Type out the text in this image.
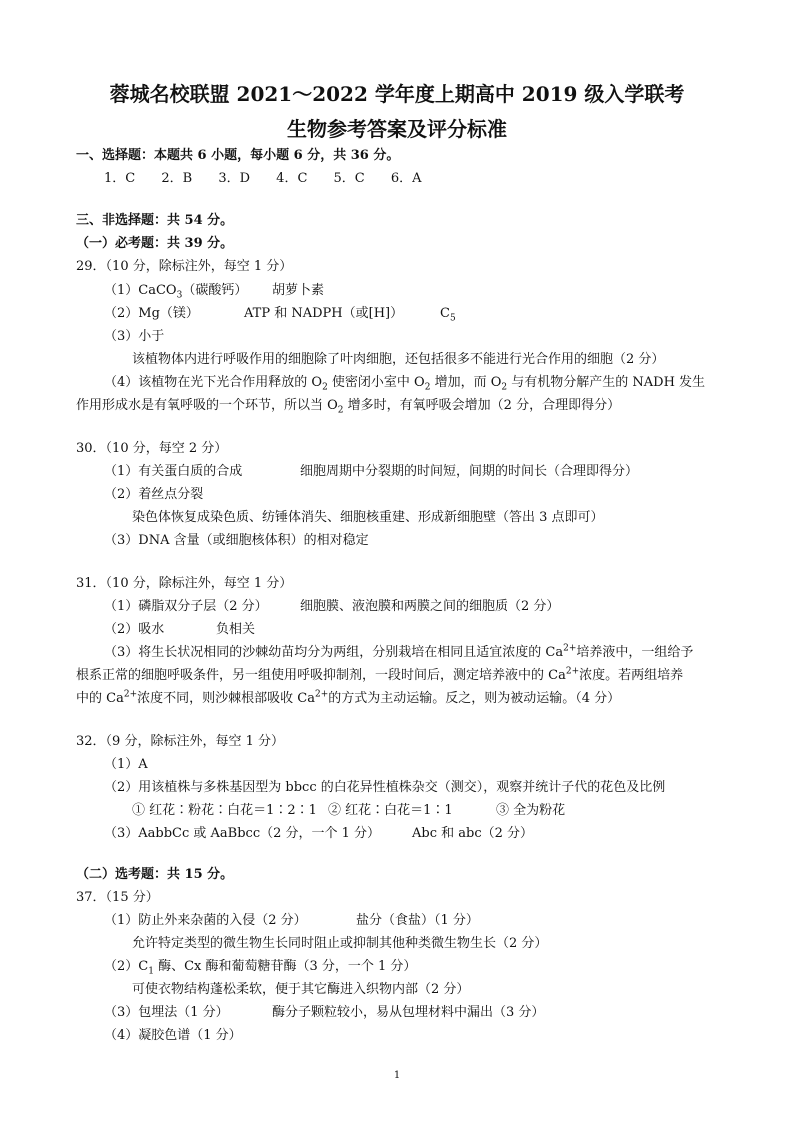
蓉城名校联盟 2021～2022 学年度上期高中 2019 级入学联考
生物参考答案及评分标准
一、选择题：本题共 6 小题，每小题 6 分，共 36 分。
1．C 2．B 3．D 4．C 5．C 6．A
三、非选择题：共 54 分。
（一）必考题：共 39 分。
29．（10 分，除标注外，每空 1 分）
（1）CaCO$_3$（碳酸钙） 胡萝卜素
（2）Mg（镁）	ATP 和 NADPH（或[H]）	$C_5$
（3）小于
该植物体内进行呼吸作用的细胞除了叶肉细胞，还包括很多不能进行光合作用的细胞（2 分）
（4）该植物在光下光合作用释放的 $O_2$ 使密闭小室中 $O_2$ 增加，而 $O_2$ 与有机物分解产生的 NADH 发生
作用形成水是有氧呼吸的一个环节，所以当 $O_2$ 增多时，有氧呼吸会增加（2 分，合理即得分）
30．（10 分，每空 2 分）
（1）有关蛋白质的合成	细胞周期中分裂期的时间短，间期的时间长（合理即得分）
（2）着丝点分裂
染色体恢复成染色质、纺锤体消失、细胞核重建、形成新细胞壁（答出 3 点即可）
（3）DNA 含量（或细胞核体积）的相对稳定
31．（10 分，除标注外，每空 1 分）
（1）磷脂双分子层（2 分） 细胞膜、液泡膜和两膜之间的细胞质（2 分）
（2）吸水	负相关
（3）将生长状况相同的沙棘幼苗均分为两组，分别栽培在相同且适宜浓度的 $Ca^{2+}$培养液中，一组给予
根系正常的细胞呼吸条件，另一组使用呼吸抑制剂，一段时间后，测定培养液中的 $Ca^{2+}$浓度。若两组培养
中的 $Ca^{2+}$浓度不同，则沙棘根部吸收 $Ca^{2+}$的方式为主动运输。反之，则为被动运输。（4 分）
32．（9 分，除标注外，每空 1 分）
（1）A
（2）用该植株与多株基因型为 bbcc 的白花异性植株杂交（测交），观察并统计子代的花色及比例
① 红花∶粉花∶白花＝1∶2∶1 ② 红花∶白花＝1∶1	③ 全为粉花
（3）AabbCc 或 AaBbcc（2 分，一个 1 分） Abc 和 abc（2 分）
（二）选考题：共 15 分。
37．（15 分）
（1）防止外来杂菌的入侵（2 分）	盐分（食盐）（1 分）
允许特定类型的微生物生长同时阻止或抑制其他种类微生物生长（2 分）
$(2)C_1$ 酶、Cx 酶和葡萄糖苷酶（3 分，一个 1 分）
可使衣物结构蓬松柔软，便于其它酶进入织物内部（2 分）
（3）包埋法（1 分）	酶分子颗粒较小，易从包埋材料中漏出（3 分）
（4）凝胶色谱（1 分）
1
